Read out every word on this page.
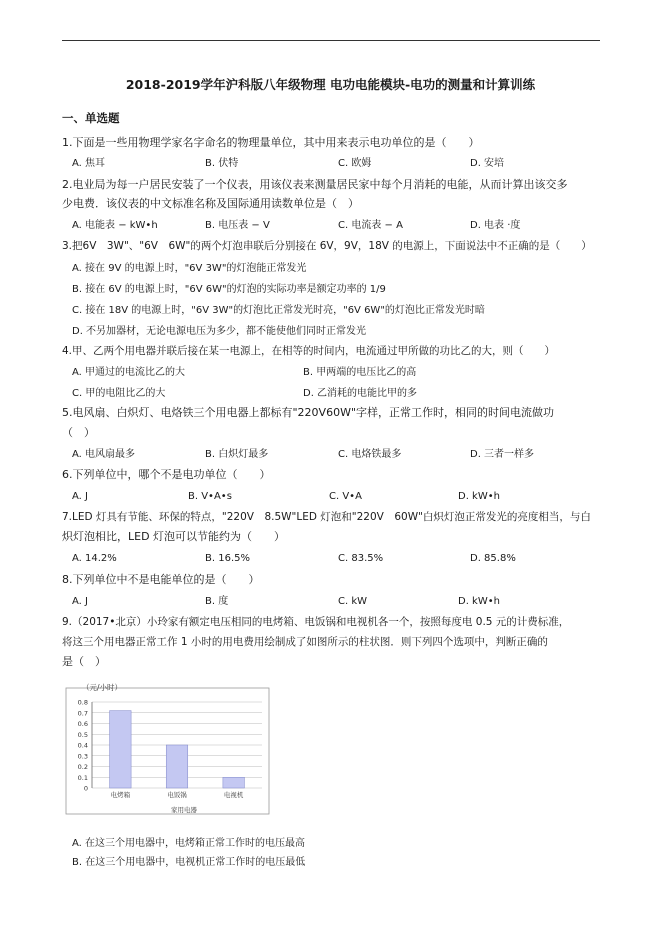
2018-2019学年沪科版八年级物理 电功电能模块-电功的测量和计算训练
一、单选题
1.下面是一些用物理学家名字命名的物理量单位，其中用来表示电功单位的是（　　）
A. 焦耳	B. 伏特	C. 欧姆	D. 安培
2.电业局为每一户居民安装了一个仪表，用该仪表来测量居民家中每个月消耗的电能，从而计算出该交多
少电费．该仪表的中文标准名称及国际通用读数单位是（　）
A. 电能表 − kW•h	B. 电压表 − V	C. 电流表 − A	D. 电表 ·度
3.把6V　3W"、"6V　6W"的两个灯泡串联后分别接在 6V，9V，18V 的电源上，下面说法中不正确的是（　　）
A. 接在 9V 的电源上时，"6V 3W"的灯泡能正常发光
B. 接在 6V 的电源上时，"6V 6W"的灯泡的实际功率是额定功率的 1/9
C. 接在 18V 的电源上时，"6V 3W"的灯泡比正常发光时亮，"6V 6W"的灯泡比正常发光时暗
D. 不另加器材，无论电源电压为多少，都不能使他们同时正常发光
4.甲、乙两个用电器并联后接在某一电源上，在相等的时间内，电流通过甲所做的功比乙的大，则（　　）
A. 甲通过的电流比乙的大	B. 甲两端的电压比乙的高
C. 甲的电阻比乙的大	D. 乙消耗的电能比甲的多
5.电风扇、白炽灯、电烙铁三个用电器上都标有"220V60W"字样，正常工作时，相同的时间电流做功
（　）
A. 电风扇最多	B. 白炽灯最多	C. 电烙铁最多	D. 三者一样多
6.下列单位中，哪个不是电功单位（　　）
A. J	B. V•A•s	C. V•A	D. kW•h
7.LED 灯具有节能、环保的特点，"220V　8.5W"LED 灯泡和"220V　60W"白炽灯泡正常发光的亮度相当，与白
炽灯泡相比，LED 灯泡可以节能约为（　　）
A. 14.2%	B. 16.5%	C. 83.5%	D. 85.8%
8.下列单位中不是电能单位的是（　　）
A. J	B. 度	C. kW	D. kW•h
9.（2017•北京）小玲家有额定电压相同的电烤箱、电饭锅和电视机各一个，按照每度电 0.5 元的计费标准，
将这三个用电器正常工作 1 小时的用电费用绘制成了如图所示的柱状图．则下列四个选项中，判断正确的
是（　）
（元/小时）
0
0.1
0.2
0.3
0.4
0.5
0.6
0.7
0.8
电烤箱	电饭锅	电视机
家用电器
A. 在这三个用电器中，电烤箱正常工作时的电压最高
B. 在这三个用电器中，电视机正常工作时的电压最低
